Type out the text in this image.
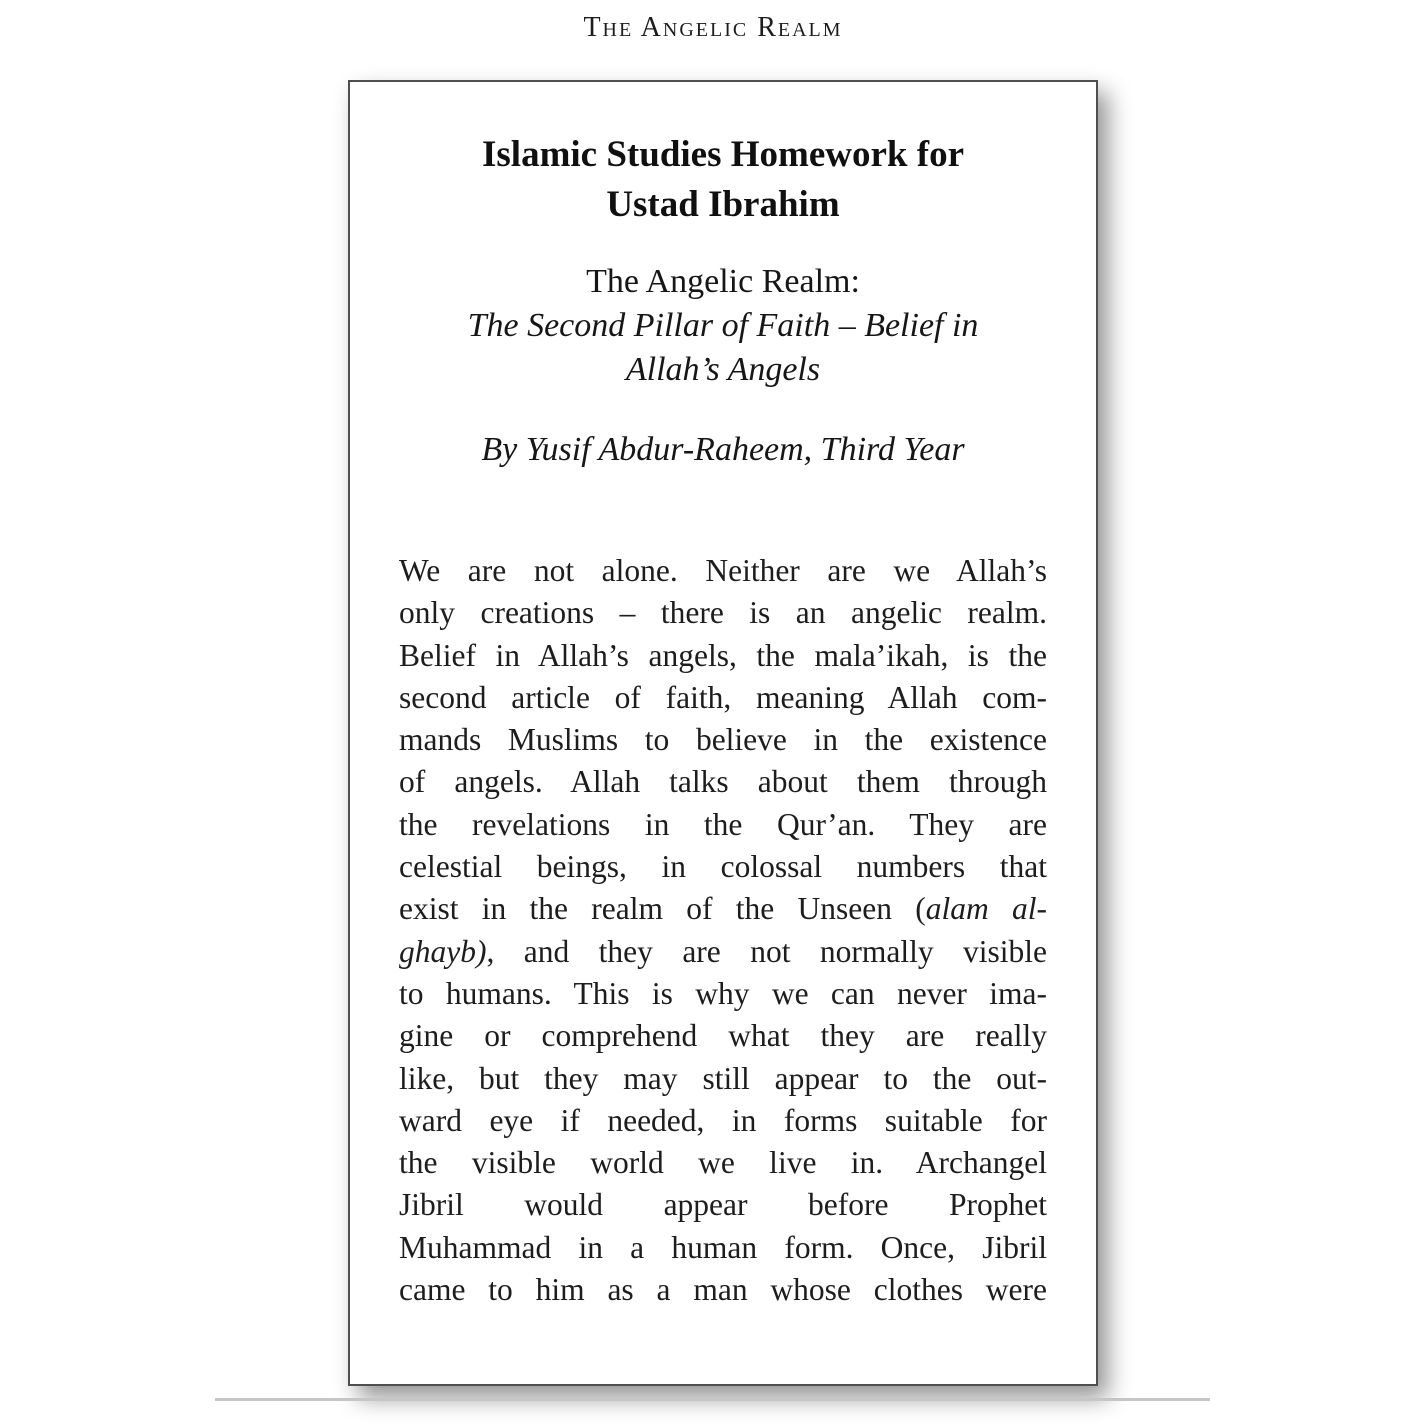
The Angelic Realm
Islamic Studies Homework for
Ustad Ibrahim
The Angelic Realm:
The Second Pillar of Faith – Belief in
Allah’s Angels
By Yusif Abdur-Raheem, Third Year
We are not alone. Neither are we Allah’s
only creations – there is an angelic realm.
Belief in Allah’s angels, the mala’ikah, is the
second article of faith, meaning Allah com-
mands Muslims to believe in the existence
of angels. Allah talks about them through
the revelations in the Qur’an. They are
celestial beings, in colossal numbers that
exist in the realm of the Unseen (alam al-
ghayb), and they are not normally visible
to humans. This is why we can never ima-
gine or comprehend what they are really
like, but they may still appear to the out-
ward eye if needed, in forms suitable for
the visible world we live in. Archangel
Jibril would appear before Prophet
Muhammad in a human form. Once, Jibril
came to him as a man whose clothes were
